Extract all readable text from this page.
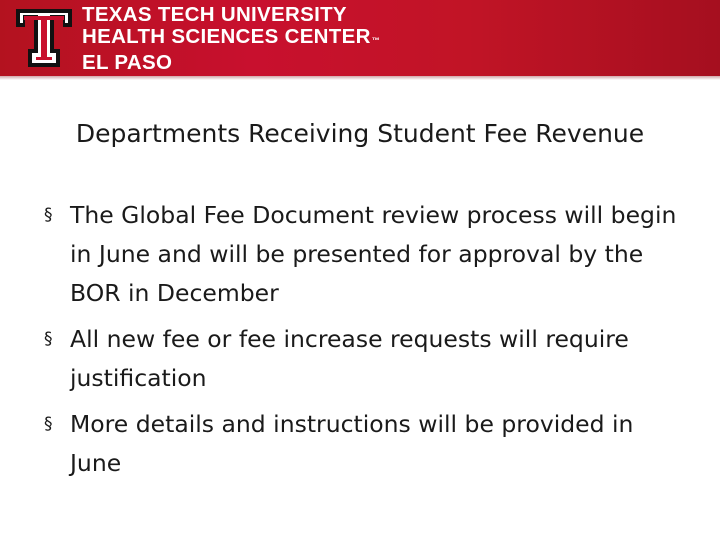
TEXAS TECH UNIVERSITY
HEALTH SCIENCES CENTER™
EL PASO
Departments Receiving Student Fee Revenue
§ The Global Fee Document review process will begin in June and will be presented for approval by the BOR in December
§ All new fee or fee increase requests will require justification
§ More details and instructions will be provided in June
